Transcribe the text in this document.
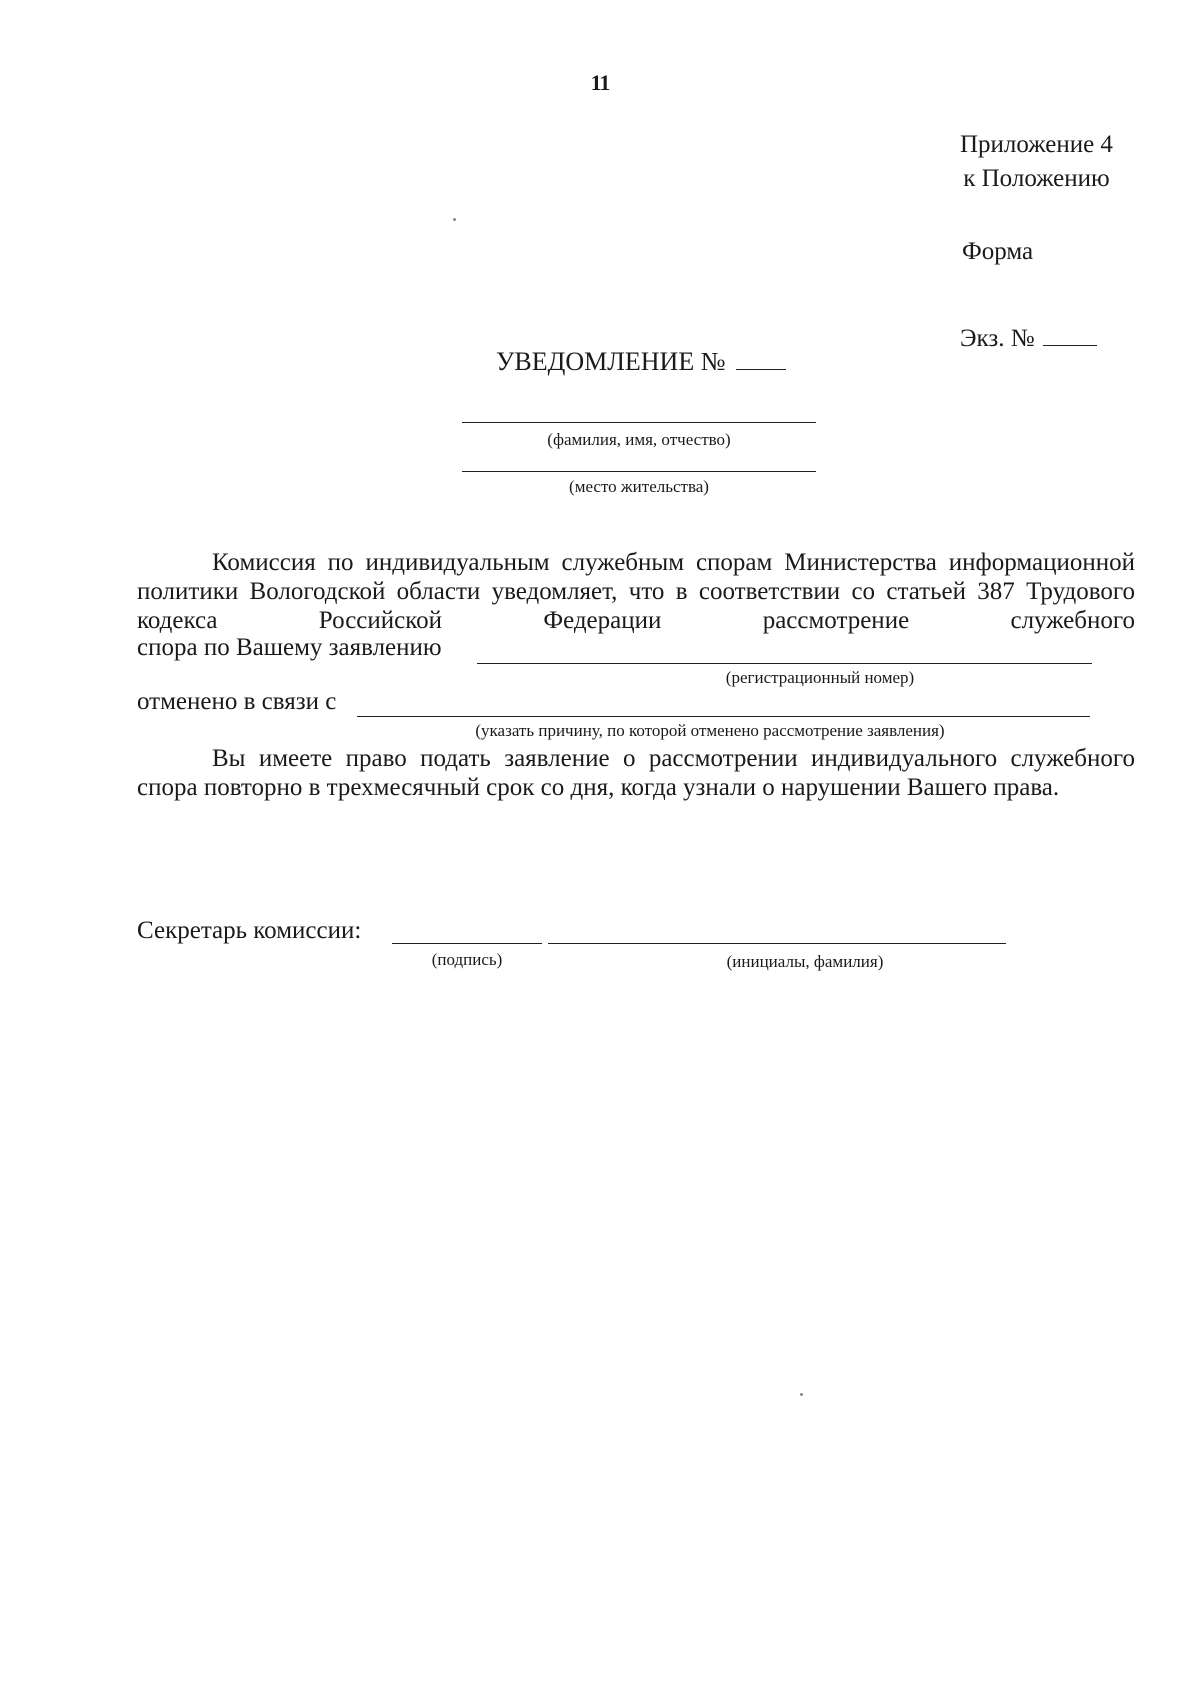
11
Приложение 4
к Положению
Форма
Экз. №
УВЕДОМЛЕНИЕ №
(фамилия, имя, отчество)
(место жительства)
Комиссия по индивидуальным служебным спорам Министерства информационной политики Вологодской области уведомляет, что в соответствии со статьей 387 Трудового кодекса Российской Федерации рассмотрение служебного
спора по Вашему заявлению
(регистрационный номер)
отменено в связи с
(указать причину, по которой отменено рассмотрение заявления)
Вы имеете право подать заявление о рассмотрении индивидуального служебного спора повторно в трехмесячный срок со дня, когда узнали о нарушении Вашего права.
Секретарь комиссии:
(подпись)	(инициалы, фамилия)
